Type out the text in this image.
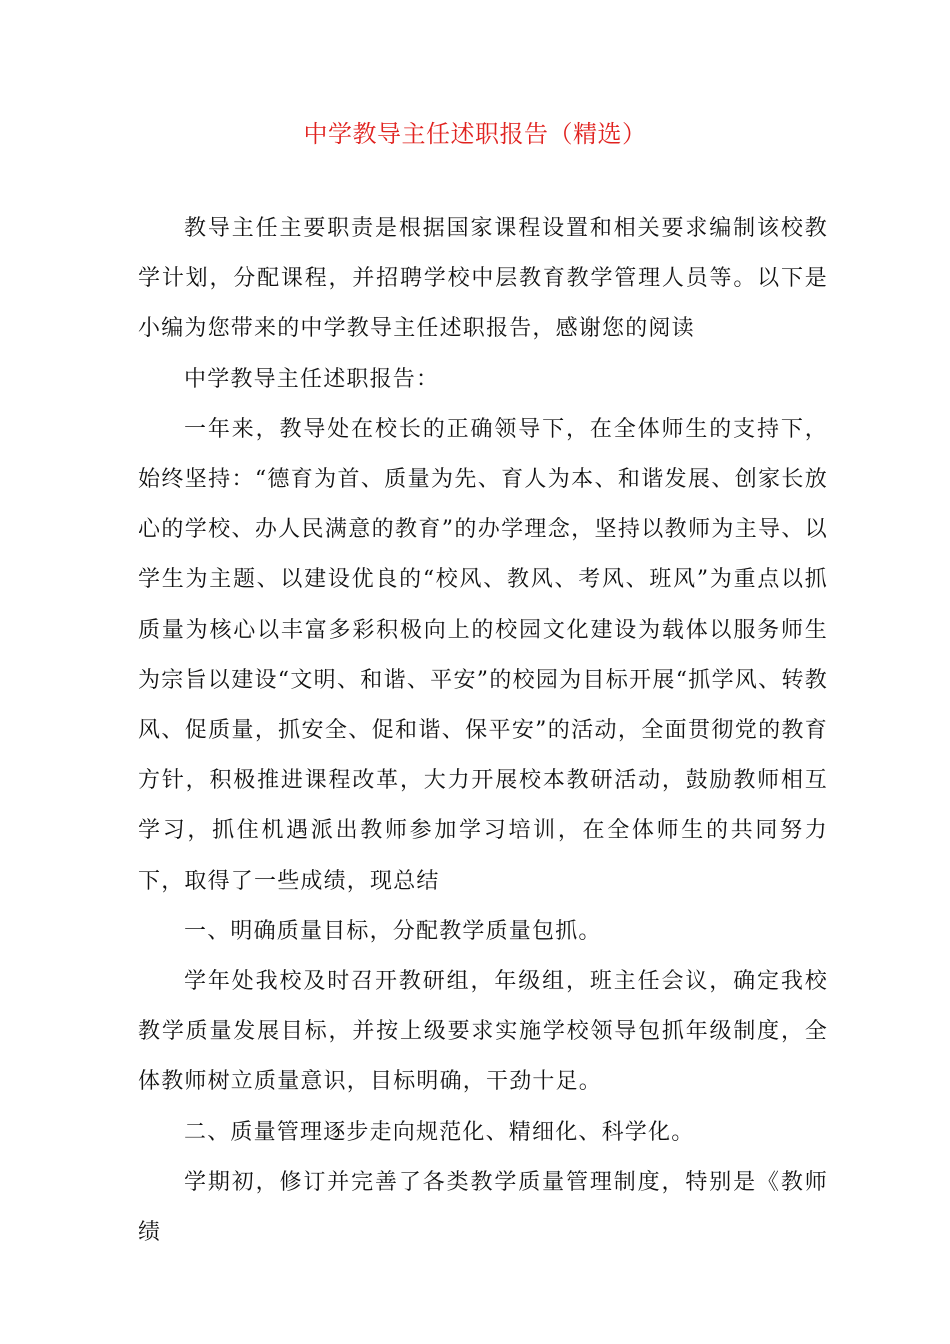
中学教导主任述职报告（精选）

教导主任主要职责是根据国家课程设置和相关要求编制该校教学计划，分配课程，并招聘学校中层教育教学管理人员等。以下是小编为您带来的中学教导主任述职报告，感谢您的阅读

中学教导主任述职报告：

一年来，教导处在校长的正确领导下，在全体师生的支持下，始终坚持：“德育为首、质量为先、育人为本、和谐发展、创家长放心的学校、办人民满意的教育”的办学理念，坚持以教师为主导、以学生为主题、以建设优良的“校风、教风、考风、班风”为重点以抓质量为核心以丰富多彩积极向上的校园文化建设为载体以服务师生为宗旨以建设“文明、和谐、平安”的校园为目标开展“抓学风、转教风、促质量，抓安全、促和谐、保平安”的活动，全面贯彻党的教育方针，积极推进课程改革，大力开展校本教研活动，鼓励教师相互学习，抓住机遇派出教师参加学习培训，在全体师生的共同努力下，取得了一些成绩，现总结

一、明确质量目标，分配教学质量包抓。

学年处我校及时召开教研组，年级组，班主任会议，确定我校教学质量发展目标，并按上级要求实施学校领导包抓年级制度，全体教师树立质量意识，目标明确，干劲十足。

二、质量管理逐步走向规范化、精细化、科学化。

学期初，修订并完善了各类教学质量管理制度，特别是《教师绩
